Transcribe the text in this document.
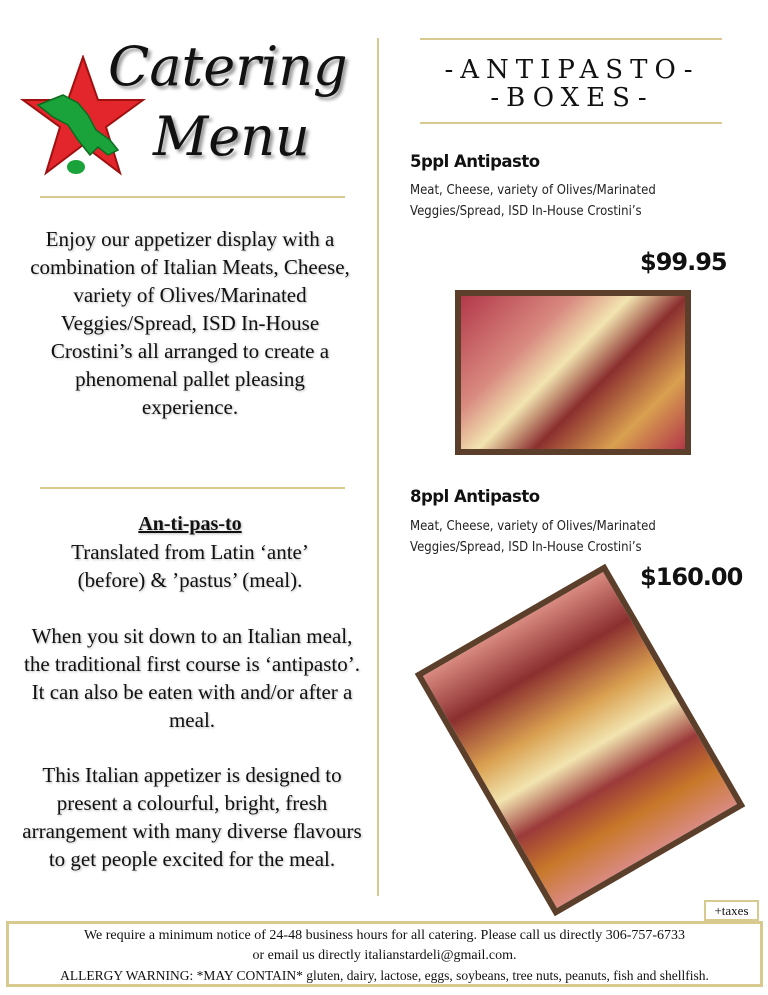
Catering
Menu
Enjoy our appetizer display with a combination of Italian Meats, Cheese, variety of Olives/Marinated Veggies/Spread, ISD In-House Crostini’s all arranged to create a phenomenal pallet pleasing experience.
An-ti-pas-to
Translated from Latin ‘ante’ (before) & ’pastus’ (meal).
When you sit down to an Italian meal, the traditional first course is ‘antipasto’. It can also be eaten with and/or after a meal.
This Italian appetizer is designed to present a colourful, bright, fresh arrangement with many diverse flavours to get people excited for the meal.
-ANTIPASTO-
-BOXES-
5ppl Antipasto
Meat, Cheese, variety of Olives/Marinated
Veggies/Spread, ISD In-House Crostini’s
$99.95
8ppl Antipasto
Meat, Cheese, variety of Olives/Marinated
Veggies/Spread, ISD In-House Crostini’s
$160.00
+taxes
We require a minimum notice of 24-48 business hours for all catering. Please call us directly 306-757-6733
or email us directly italianstardeli@gmail.com.
ALLERGY WARNING: *MAY CONTAIN* gluten, dairy, lactose, eggs, soybeans, tree nuts, peanuts, fish and shellfish.
